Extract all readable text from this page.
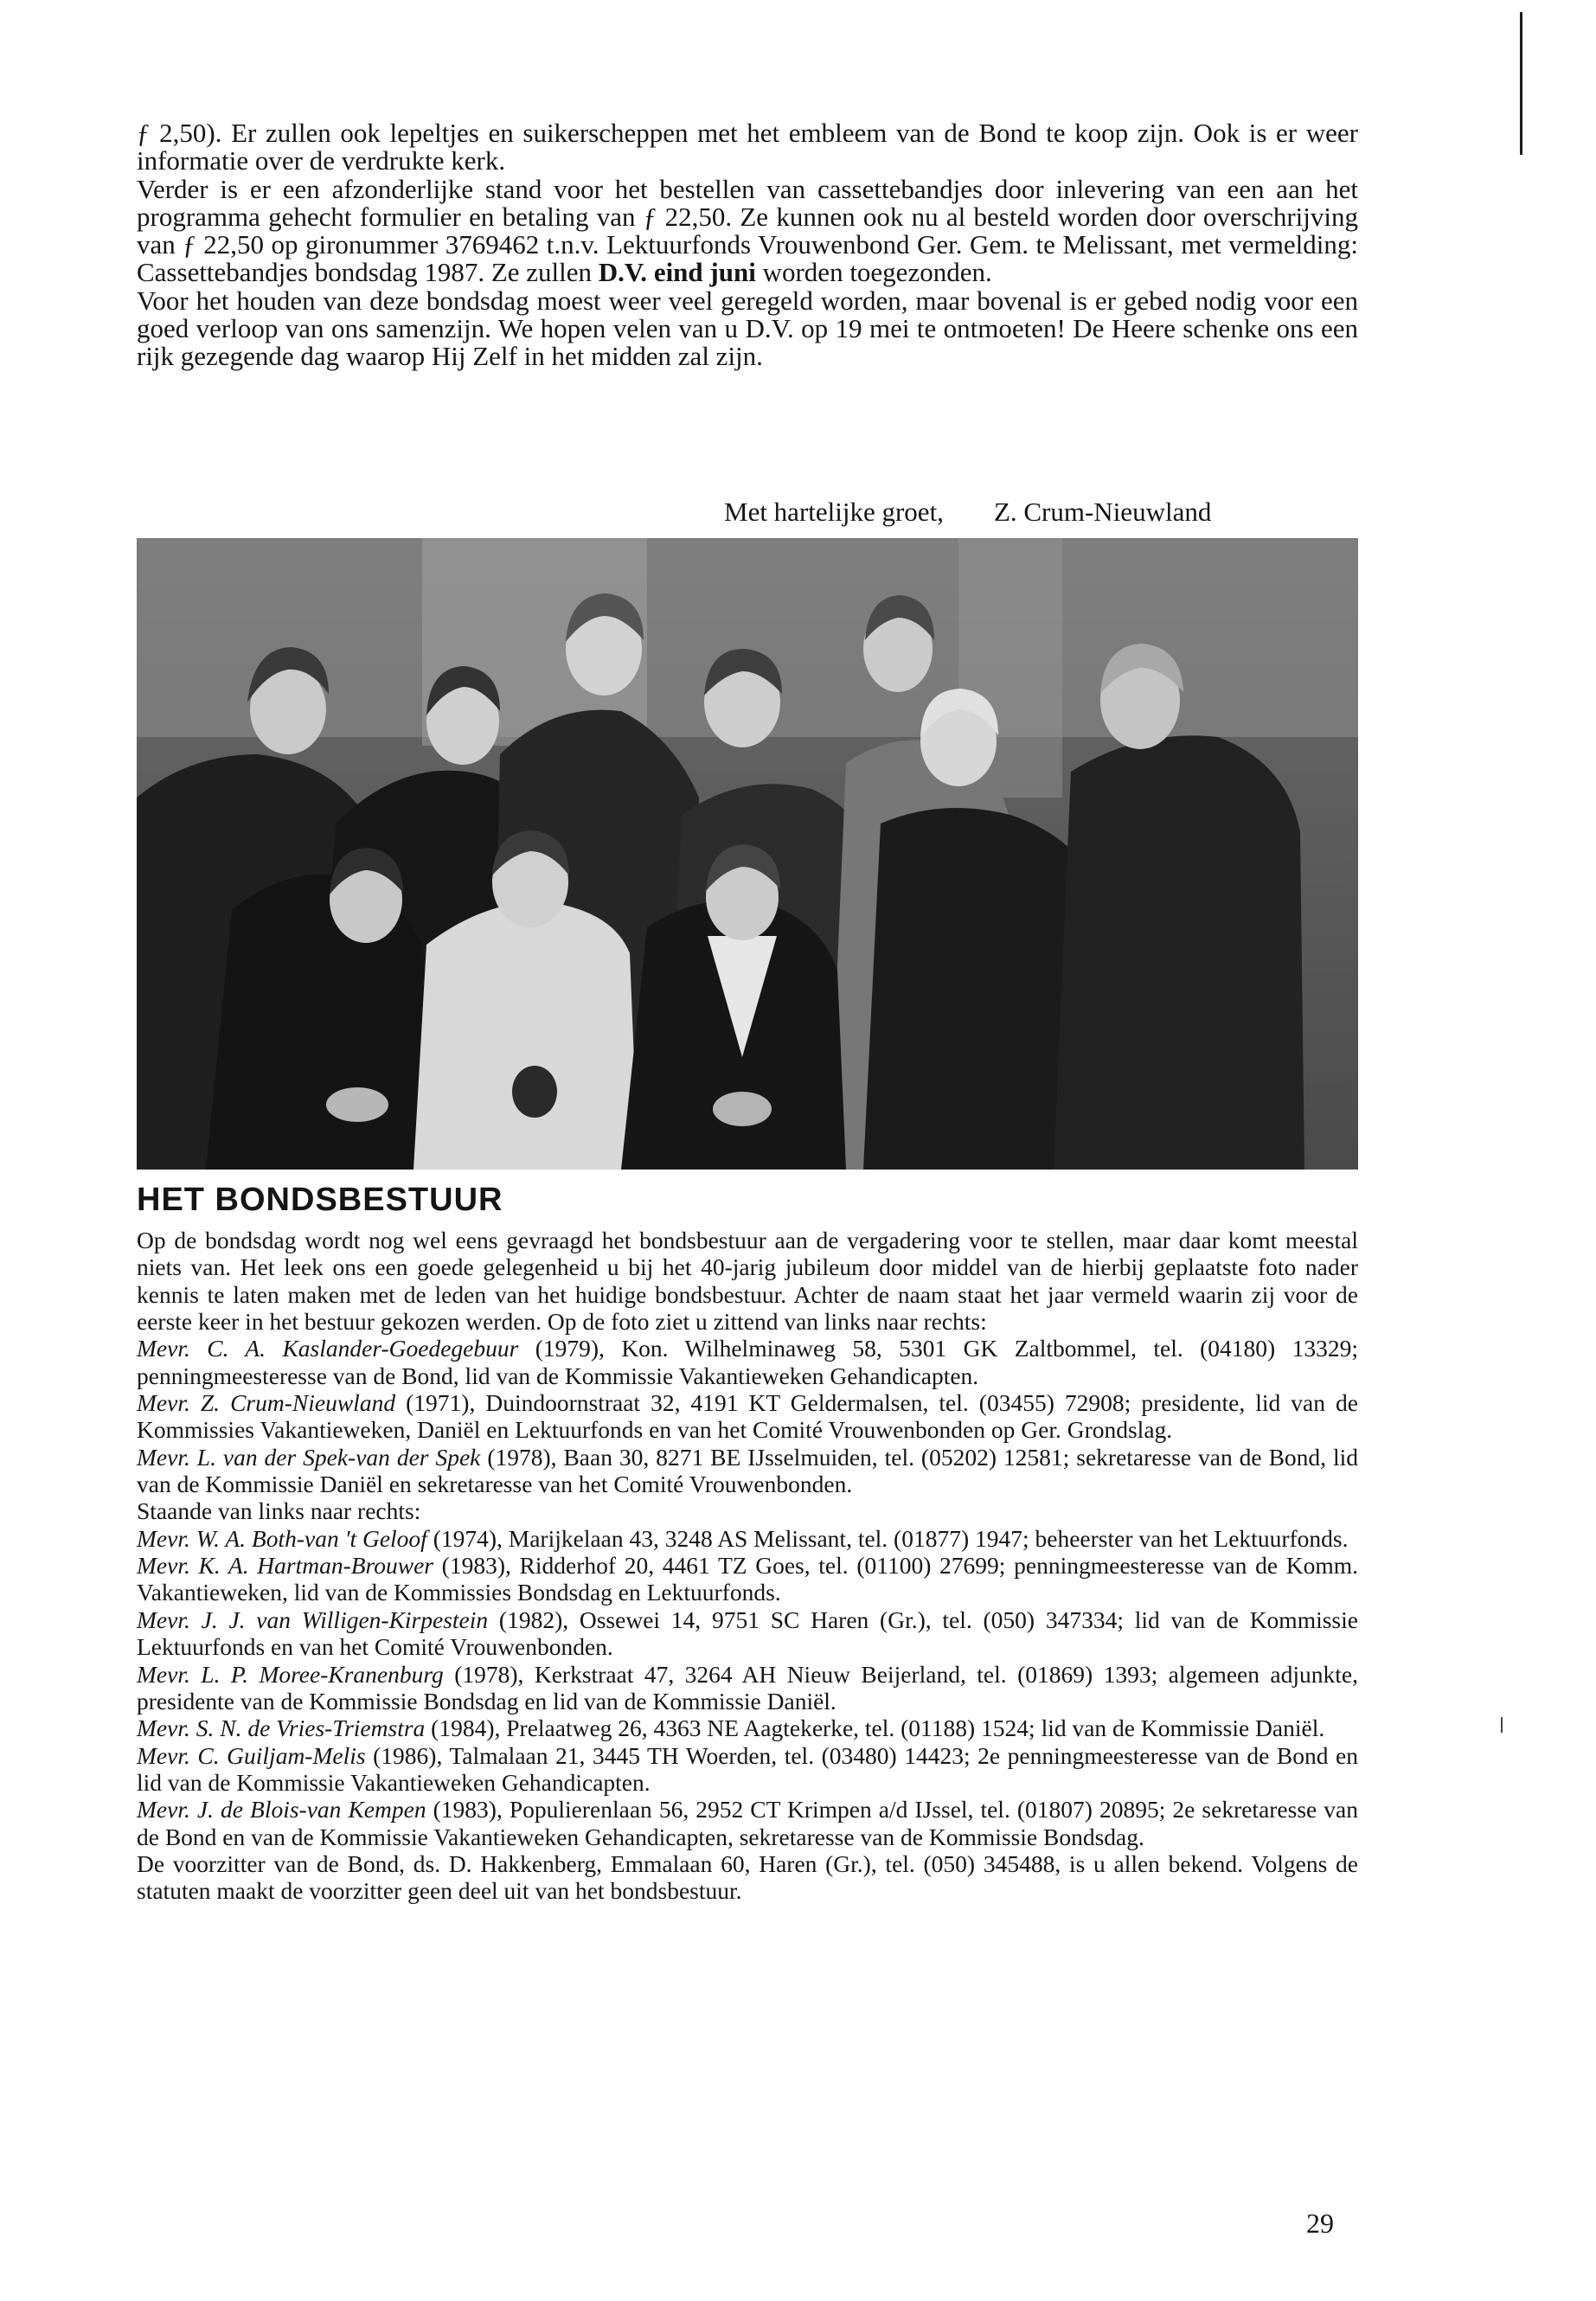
ƒ 2,50). Er zullen ook lepeltjes en suikerscheppen met het embleem van de Bond te koop zijn. Ook is er weer informatie over de verdrukte kerk.

Verder is er een afzonderlijke stand voor het bestellen van cassettebandjes door inlevering van een aan het programma gehecht formulier en betaling van ƒ 22,50. Ze kunnen ook nu al besteld worden door overschrijving van ƒ 22,50 op gironummer 3769462 t.n.v. Lektuurfonds Vrouwenbond Ger. Gem. te Melissant, met vermelding: Cassettebandjes bondsdag 1987. Ze zullen D.V. eind juni worden toegezonden.

Voor het houden van deze bondsdag moest weer veel geregeld worden, maar bovenal is er gebed nodig voor een goed verloop van ons samenzijn. We hopen velen van u D.V. op 19 mei te ontmoeten! De Heere schenke ons een rijk gezegende dag waarop Hij Zelf in het midden zal zijn.

Met hartelijke groet, Z. Crum-Nieuwland
HET BONDSBESTUUR

Op de bondsdag wordt nog wel eens gevraagd het bondsbestuur aan de vergadering voor te stellen, maar daar komt meestal niets van. Het leek ons een goede gelegenheid u bij het 40-jarig jubileum door middel van de hierbij geplaatste foto nader kennis te laten maken met de leden van het huidige bondsbestuur. Achter de naam staat het jaar vermeld waarin zij voor de eerste keer in het bestuur gekozen werden. Op de foto ziet u zittend van links naar rechts:

Mevr. C. A. Kaslander-Goedegebuur (1979), Kon. Wilhelminaweg 58, 5301 GK Zaltbommel, tel. (04180) 13329; penningmeesteresse van de Bond, lid van de Kommissie Vakantieweken Gehandicapten.

Mevr. Z. Crum-Nieuwland (1971), Duindoornstraat 32, 4191 KT Geldermalsen, tel. (03455) 72908; presidente, lid van de Kommissies Vakantieweken, Daniël en Lektuurfonds en van het Comité Vrouwenbonden op Ger. Grondslag.

Mevr. L. van der Spek-van der Spek (1978), Baan 30, 8271 BE IJsselmuiden, tel. (05202) 12581; sekretaresse van de Bond, lid van de Kommissie Daniël en sekretaresse van het Comité Vrouwenbonden.

Staande van links naar rechts:

Mevr. W. A. Both-van 't Geloof (1974), Marijkelaan 43, 3248 AS Melissant, tel. (01877) 1947; beheerster van het Lektuurfonds.

Mevr. K. A. Hartman-Brouwer (1983), Ridderhof 20, 4461 TZ Goes, tel. (01100) 27699; penningmeesteresse van de Komm. Vakantieweken, lid van de Kommissies Bondsdag en Lektuurfonds.

Mevr. J. J. van Willigen-Kirpestein (1982), Ossewei 14, 9751 SC Haren (Gr.), tel. (050) 347334; lid van de Kommissie Lektuurfonds en van het Comité Vrouwenbonden.

Mevr. L. P. Moree-Kranenburg (1978), Kerkstraat 47, 3264 AH Nieuw Beijerland, tel. (01869) 1393; algemeen adjunkte, presidente van de Kommissie Bondsdag en lid van de Kommissie Daniël.

Mevr. S. N. de Vries-Triemstra (1984), Prelaatweg 26, 4363 NE Aagtekerke, tel. (01188) 1524; lid van de Kommissie Daniël.

Mevr. C. Guiljam-Melis (1986), Talmalaan 21, 3445 TH Woerden, tel. (03480) 14423; 2e penningmeesteresse van de Bond en lid van de Kommissie Vakantieweken Gehandicapten.

Mevr. J. de Blois-van Kempen (1983), Populierenlaan 56, 2952 CT Krimpen a/d IJssel, tel. (01807) 20895; 2e sekretaresse van de Bond en van de Kommissie Vakantieweken Gehandicapten, sekretaresse van de Kommissie Bondsdag.

De voorzitter van de Bond, ds. D. Hakkenberg, Emmalaan 60, Haren (Gr.), tel. (050) 345488, is u allen bekend. Volgens de statuten maakt de voorzitter geen deel uit van het bondsbestuur.

29
